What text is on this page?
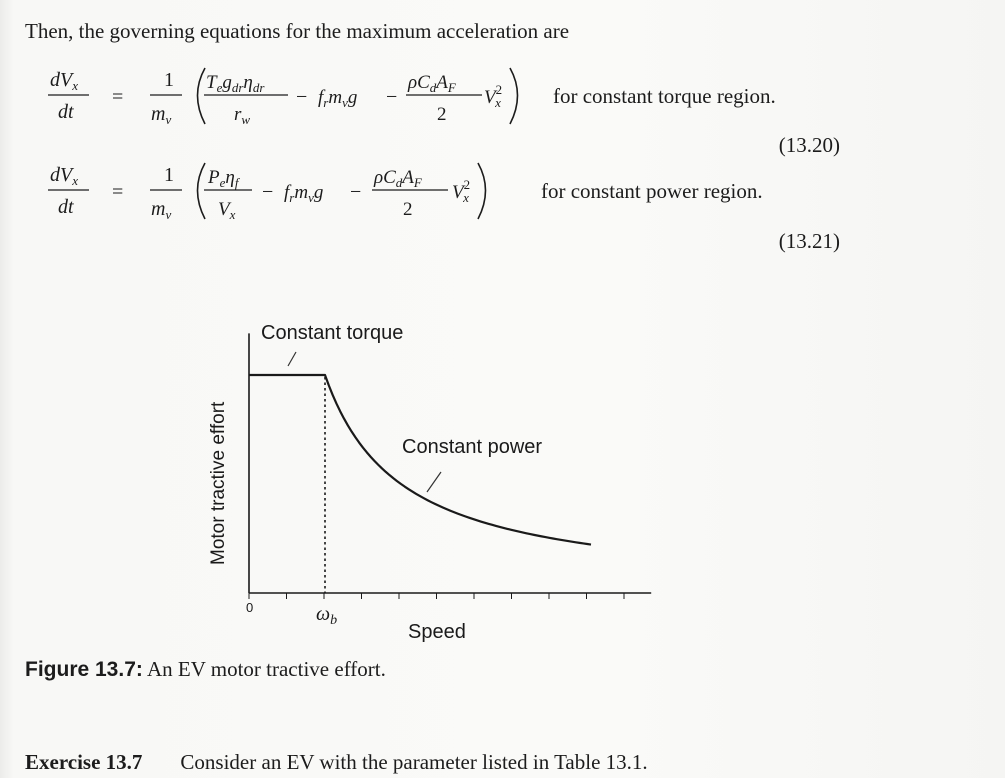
Then, the governing equations for the maximum acceleration are
$dV_x$
dt
=
1
$m_v$
$T_eg_{dr}\eta_{dr}$
$r_w$
− $f_rm_vg$ −
$\rho C_dA_F$
2
$V^2$ x for constant torque region.
(13.20)
$dV_x$
dt
=
1
$m_v$
$P_e\eta_f$
$V_x$
− $f_rm_vg$ −
$\rho C_dA_F$
2
$V^2$ x	for constant power region.
(13.21)
Constant torque
Constant power
Motor tractive effort
0	$\omega_b$
Speed
Figure 13.7: An EV motor tractive effort.
Exercise 13.7 Consider an EV with the parameter listed in Table 13.1.
